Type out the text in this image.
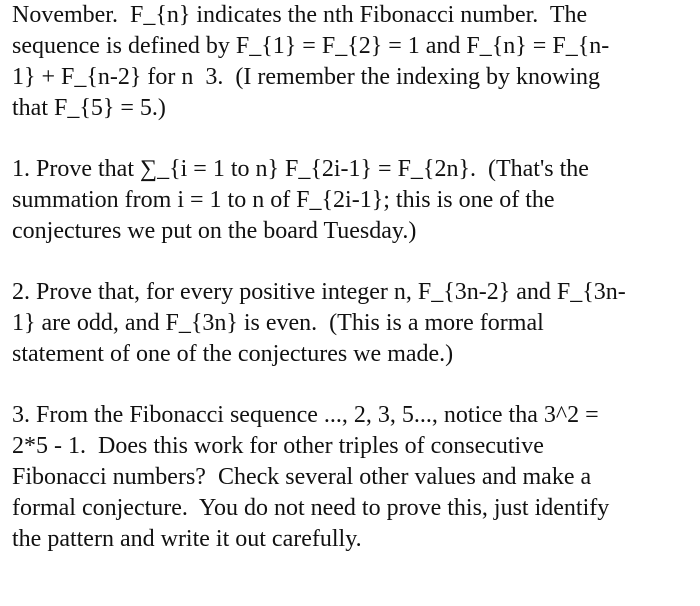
November.  F_{n} indicates the nth Fibonacci number.  The
sequence is defined by F_{1} = F_{2} = 1 and F_{n} = F_{n-
1} + F_{n-2} for n  3.  (I remember the indexing by knowing
that F_{5} = 5.)
1. Prove that ∑_{i = 1 to n} F_{2i-1} = F_{2n}.  (That's the
summation from i = 1 to n of F_{2i-1}; this is one of the
conjectures we put on the board Tuesday.)
2. Prove that, for every positive integer n, F_{3n-2} and F_{3n-
1} are odd, and F_{3n} is even.  (This is a more formal
statement of one of the conjectures we made.)
3. From the Fibonacci sequence ..., 2, 3, 5..., notice tha 3^2 =
2*5 - 1.  Does this work for other triples of consecutive
Fibonacci numbers?  Check several other values and make a
formal conjecture.  You do not need to prove this, just identify
the pattern and write it out carefully.
